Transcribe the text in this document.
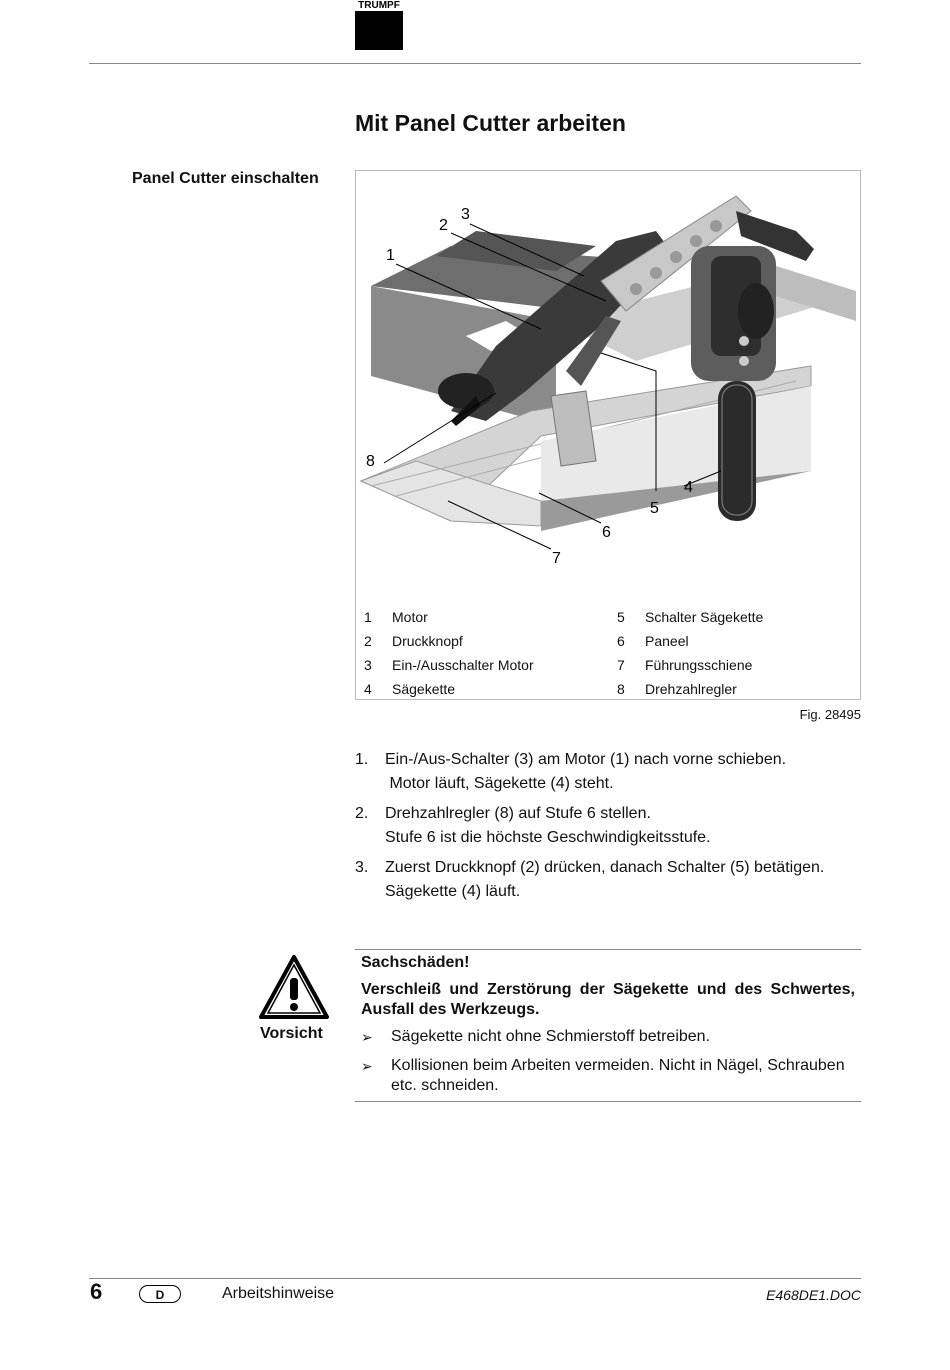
TRUMPF
Mit Panel Cutter arbeiten
Panel Cutter einschalten
1
2
3
4
5
6
7
8
1	Motor
2	Druckknopf
3	Ein-/Ausschalter Motor
4	Sägekette
5	Schalter Sägekette
6	Paneel
7	Führungsschiene
8	Drehzahlregler
Fig. 28495
1. Ein-/Aus-Schalter (3) am Motor (1) nach vorne schieben.
Motor läuft, Sägekette (4) steht.
2. Drehzahlregler (8) auf Stufe 6 stellen.
Stufe 6 ist die höchste Geschwindigkeitsstufe.
3. Zuerst Druckknopf (2) drücken, danach Schalter (5) betätigen.
Sägekette (4) läuft.
Vorsicht
Sachschäden!
Verschleiß und Zerstörung der Sägekette und des Schwertes, Ausfall des Werkzeugs.
➢ Sägekette nicht ohne Schmierstoff betreiben.
➢ Kollisionen beim Arbeiten vermeiden. Nicht in Nägel, Schrauben etc. schneiden.
6	D	Arbeitshinweise	E468DE1.DOC
